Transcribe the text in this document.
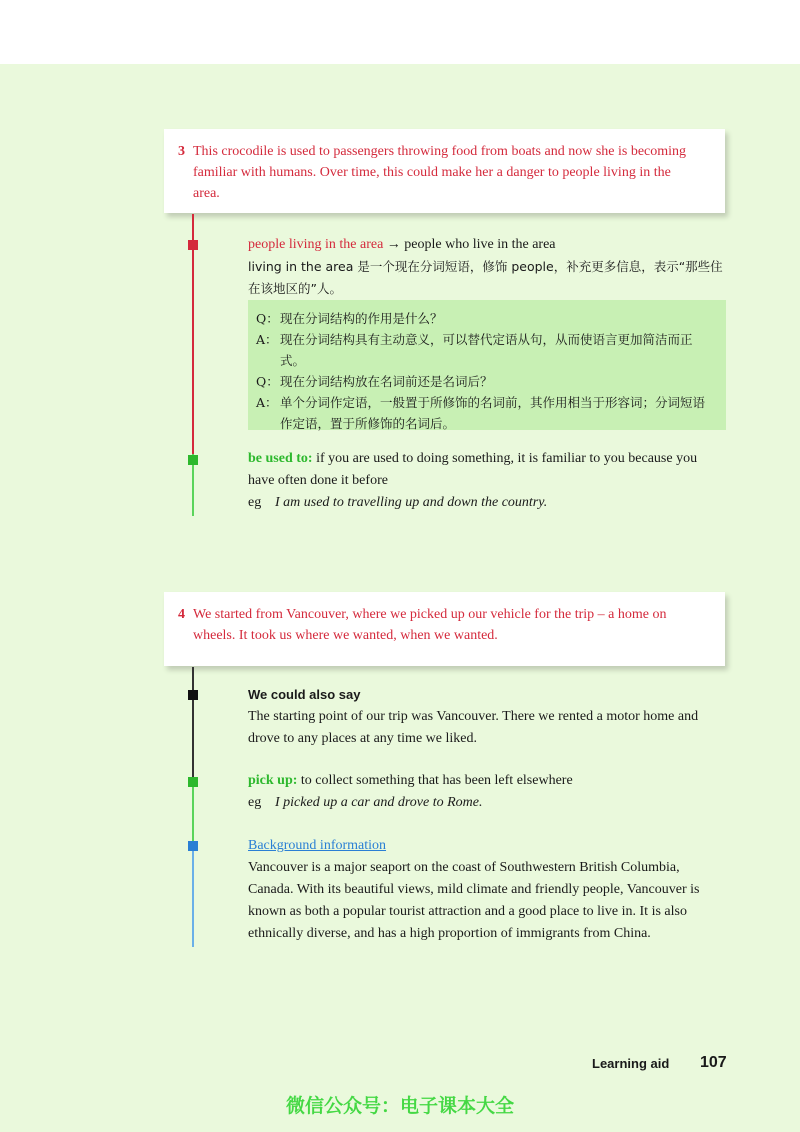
3 This crocodile is used to passengers throwing food from boats and now she is becoming familiar with humans. Over time, this could make her a danger to people living in the area.
people living in the area → people who live in the area
living in the area 是一个现在分词短语，修饰 people，补充更多信息，表示“那些住在该地区的”人。
Q： 现在分词结构的作用是什么？
A： 现在分词结构具有主动意义，可以替代定语从句，从而使语言更加简洁而正式。
Q： 现在分词结构放在名词前还是名词后？
A： 单个分词作定语，一般置于所修饰的名词前，其作用相当于形容词；分词短语作定语，置于所修饰的名词后。
be used to: if you are used to doing something, it is familiar to you because you have often done it before
eg I am used to travelling up and down the country.
4 We started from Vancouver, where we picked up our vehicle for the trip – a home on wheels. It took us where we wanted, when we wanted.
We could also say
The starting point of our trip was Vancouver. There we rented a motor home and drove to any places at any time we liked.
pick up: to collect something that has been left elsewhere
eg I picked up a car and drove to Rome.
Background information
Vancouver is a major seaport on the coast of Southwestern British Columbia, Canada. With its beautiful views, mild climate and friendly people, Vancouver is known as both a popular tourist attraction and a good place to live in. It is also ethnically diverse, and has a high proportion of immigrants from China.
Learning aid 107
微信公众号：电子课本大全
